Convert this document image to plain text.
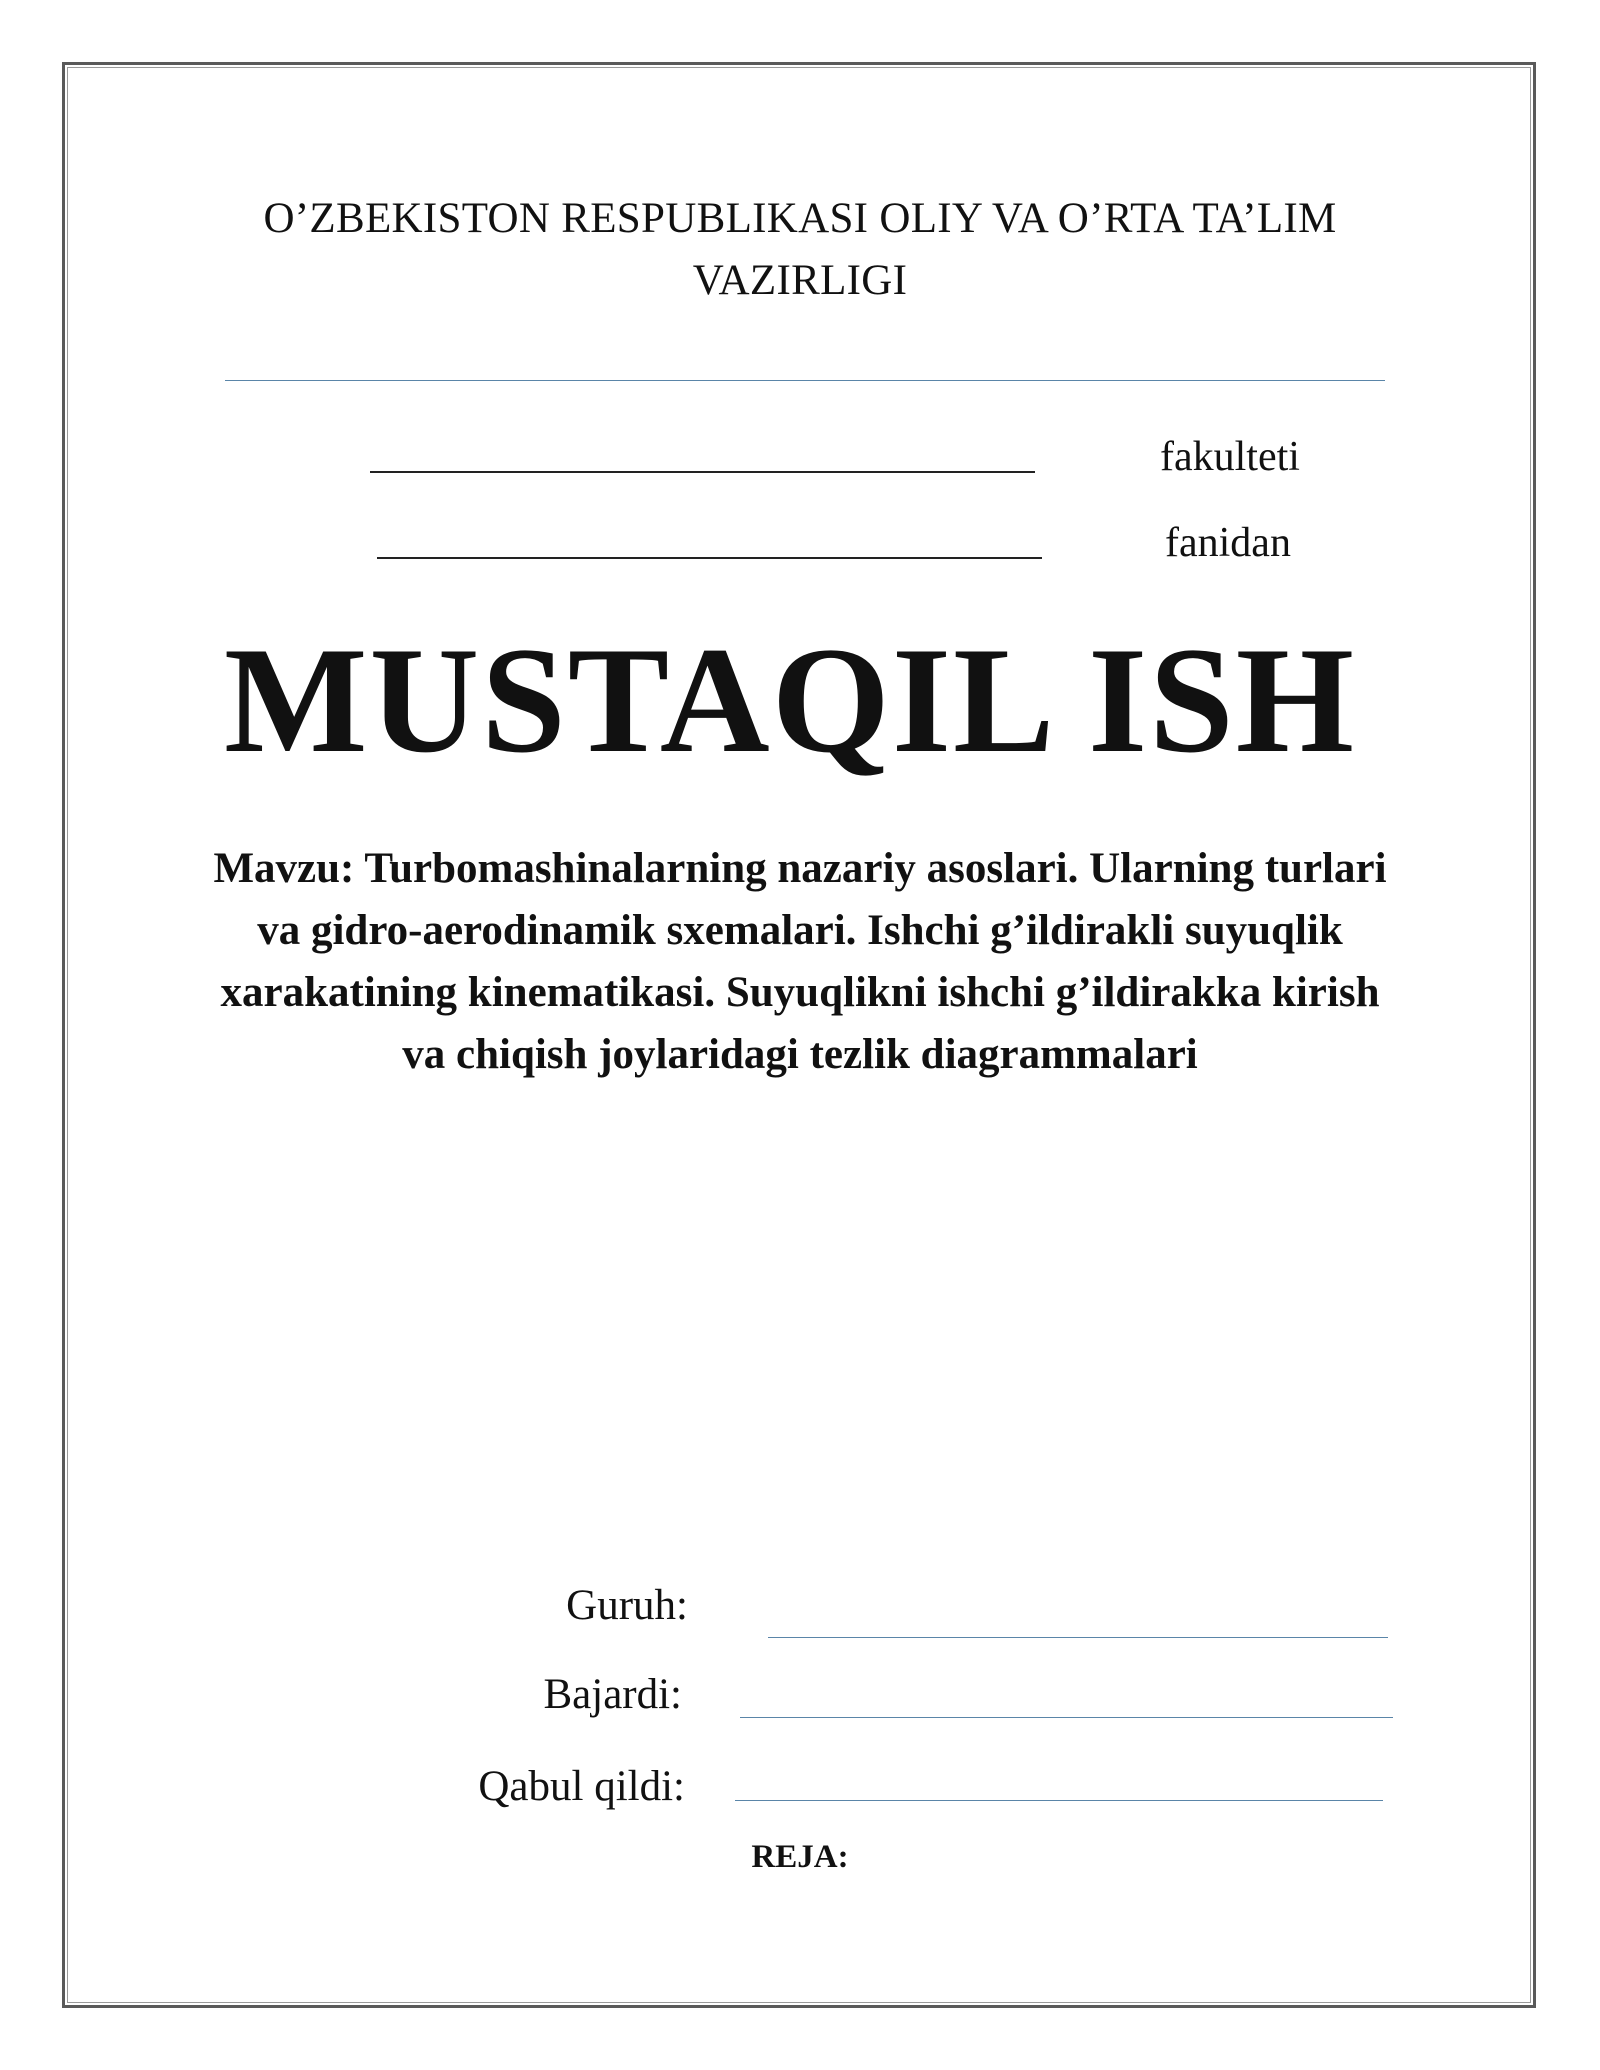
O’ZBEKISTON RESPUBLIKASI OLIY VA O’RTA TA’LIM VAZIRLIGI
fakulteti
fanidan
MUSTAQIL ISH
Mavzu: Turbomashinalarning nazariy asoslari. Ularning turlari va gidro-aerodinamik sxemalari. Ishchi g’ildirakli suyuqlik xarakatining kinematikasi. Suyuqlikni ishchi g’ildirakka kirish va chiqish joylaridagi tezlik diagrammalari
Guruh:
Bajardi:
Qabul qildi:
REJA:
